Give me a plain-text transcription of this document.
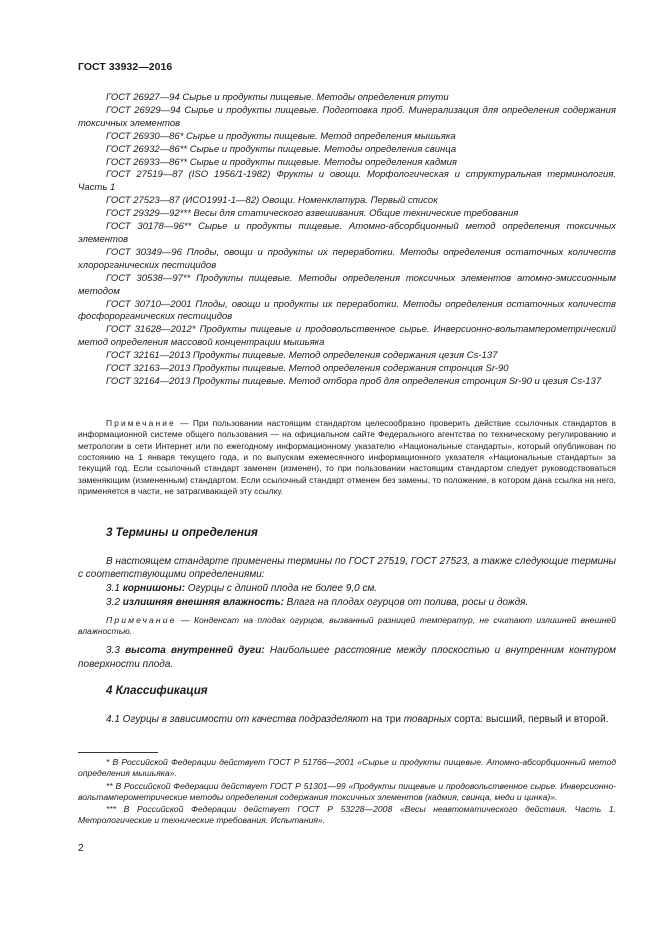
ГОСТ 33932—2016

ГОСТ 26927—94 Сырье и продукты пищевые. Методы определения ртути

ГОСТ 26929—94 Сырье и продукты пищевые. Подготовка проб. Минерализация для определения содержания токсичных элементов

ГОСТ 26930—86* Сырье и продукты пищевые. Метод определения мышьяка

ГОСТ 26932—86** Сырье и продукты пищевые. Методы определения свинца

ГОСТ 26933—86** Сырье и продукты пищевые. Методы определения кадмия

ГОСТ 27519—87 (ISO 1956/1-1982) Фрукты и овощи. Морфологическая и структуральная терминология. Часть 1

ГОСТ 27523—87 (ИСО1991-1—82) Овощи. Номенклатура. Первый список

ГОСТ 29329—92*** Весы для статического взвешивания. Общие технические требования

ГОСТ 30178—96** Сырье и продукты пищевые. Атомно-абсорбционный метод определения токсичных элементов

ГОСТ 30349—96 Плоды, овощи и продукты их переработки. Методы определения остаточных количеств хлорорганических пестицидов

ГОСТ 30538—97** Продукты пищевые. Методы определения токсичных элементов атомно-эмиссионным методом

ГОСТ 30710—2001 Плоды, овощи и продукты их переработки. Методы определения остаточных количеств фосфорорганических пестицидов

ГОСТ 31628—2012* Продукты пищевые и продовольственное сырье. Инверсионно-вольтамперометрический метод определения массовой концентрации мышьяка

ГОСТ 32161—2013 Продукты пищевые. Метод определения содержания цезия Cs-137

ГОСТ 32163—2013 Продукты пищевые. Метод определения содержания стронция Sr-90

ГОСТ 32164—2013 Продукты пищевые. Метод отбора проб для определения стронция Sr-90 и цезия Cs-137

Примечание — При пользовании настоящим стандартом целесообразно проверить действие ссылочных стандартов в информационной системе общего пользования — на официальном сайте Федерального агентства по техническому регулированию и метрологии в сети Интернет или по ежегодному информационному указателю «Национальные стандарты», который опубликован по состоянию на 1 января текущего года, и по выпускам ежемесячного информационного указателя «Национальные стандарты» за текущий год. Если ссылочный стандарт заменен (изменен), то при пользовании настоящим стандартом следует руководствоваться заменяющим (измененным) стандартом. Если ссылочный стандарт отменен без замены, то положение, в котором дана ссылка на него, применяется в части, не затрагивающей эту ссылку.

3 Термины и определения

В настоящем стандарте применены термины по ГОСТ 27519, ГОСТ 27523, а также следующие термины с соответствующими определениями:

3.1 корнишоны: Огурцы с длиной плода не более 9,0 см.

3.2 излишняя внешняя влажность: Влага на плодах огурцов от полива, росы и дождя.

Примечание — Конденсат на плодах огурцов, вызванный разницей температур, не считают излишней внешней влажностью.

3.3 высота внутренней дуги: Наибольшее расстояние между плоскостью и внутренним контуром поверхности плода.

4 Классификация

4.1 Огурцы в зависимости от качества подразделяют на три товарных сорта: высший, первый и второй.

* В Российской Федерации действует ГОСТ Р 51766—2001 «Сырье и продукты пищевые. Атомно-абсорбционный метод определения мышьяка».

** В Российской Федерации действует ГОСТ Р 51301—99 «Продукты пищевые и продовольственное сырье. Инверсионно-вольтамперометрические методы определения содержания токсичных элементов (кадмия, свинца, меди и цинка)».

*** В Российской Федерации действует ГОСТ Р 53228—2008 «Весы неавтоматического действия. Часть 1. Метрологические и технические требования. Испытания».

2
